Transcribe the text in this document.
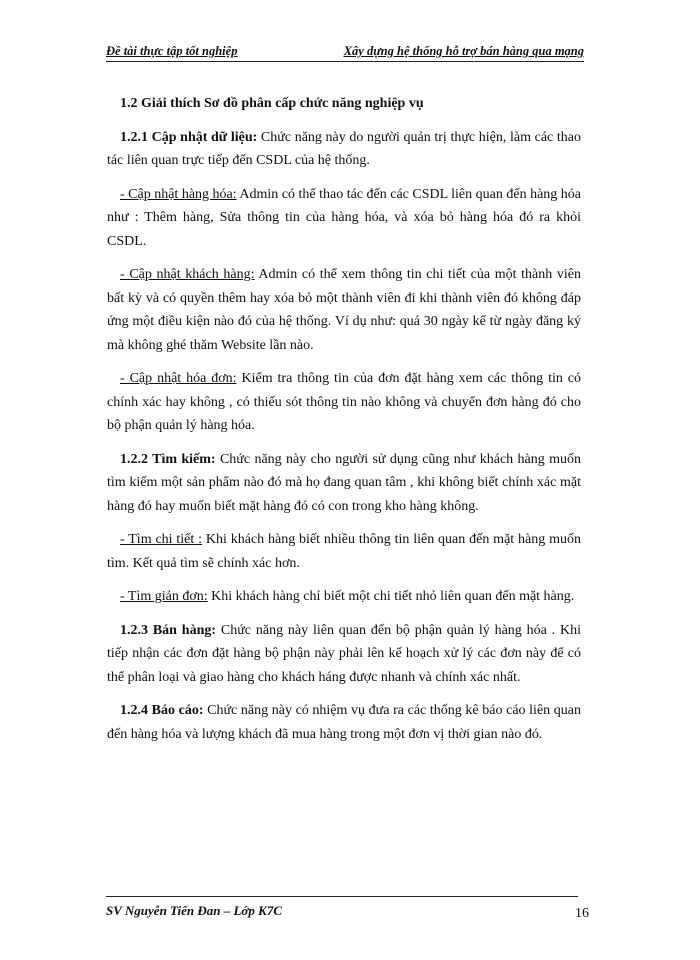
Đề tài thực tập tốt nghiệp	Xây dựng hệ thống hỗ trợ bán hàng qua mạng
1.2 Giải thích Sơ đồ phân cấp chức năng nghiệp vụ

1.2.1 Cập nhật dữ liệu: Chức năng này do người quản trị thực hiện, làm các thao tác liên quan trực tiếp đến CSDL của hệ thống.

- Cập nhật hàng hóa: Admin có thể thao tác đến các CSDL liên quan đến hàng hóa như : Thêm hàng, Sửa thông tin của hàng hóa, và xóa bỏ hàng hóa đó ra khỏi CSDL.

- Cập nhật khách hàng: Admin có thể xem thông tin chi tiết của một thành viên bất kỳ và có quyền thêm hay xóa bỏ một thành viên đi khi thành viên đó không đáp ứng một điều kiện nào đó của hệ thống. Ví dụ như: quá 30 ngày kể từ ngày đăng ký mà không ghé thăm Website lần nào.

- Cập nhật hóa đơn: Kiểm tra thông tin của đơn đặt hàng xem các thông tin có chính xác hay không , có thiếu sót thông tin nào không và chuyển đơn hàng đó cho bộ phận quản lý hàng hóa.

1.2.2 Tìm kiếm: Chức năng này cho người sử dụng cũng như khách hàng muốn tìm kiếm một sản phẩm nào đó mà họ đang quan tâm , khi không biết chính xác mặt hàng đó hay muốn biết mặt hàng đó có con trong kho hàng không.

- Tìm chi tiết : Khi khách hàng biết nhiều thông tin liên quan đến mặt hàng muốn tìm. Kết quả tìm sẽ chính xác hơn.

- Tìm giản đơn: Khi khách hàng chỉ biết một chi tiết nhỏ liên quan đến mặt hàng.

1.2.3 Bán hàng: Chức năng này liên quan đến bộ phận quản lý hàng hóa . Khi tiếp nhận các đơn đặt hàng bộ phận này phải lên kế hoạch xử lý các đơn này để có thể phân loại và giao hàng cho khách háng được nhanh và chính xác nhất.

1.2.4 Báo cáo: Chức năng này có nhiệm vụ đưa ra các thống kê báo cáo liên quan đến hàng hóa và lượng khách đã mua hàng trong một đơn vị thời gian nào đó.

SV Nguyễn Tiến Đan – Lớp K7C	16
